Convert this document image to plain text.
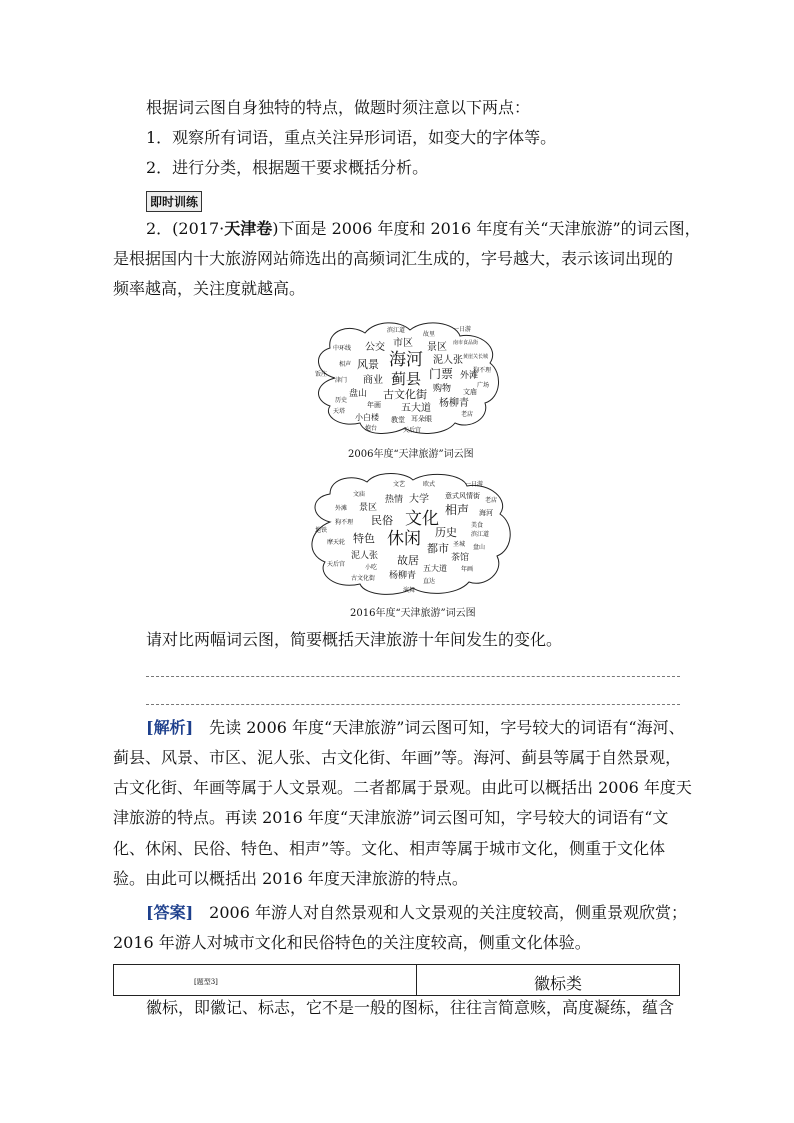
根据词云图自身独特的特点，做题时须注意以下两点：
1．观察所有词语，重点关注异形词语，如变大的字体等。
2．进行分类，根据题干要求概括分析。
即时训练
2．(2017·天津卷)下面是 2006 年度和 2016 年度有关“天津旅游”的词云图，
是根据国内十大旅游网站筛选出的高频词汇生成的，字号越大，表示该词出现的
频率越高，关注度就越高。
滨江道
故里
一日游
中环线 公交 市区 景区 南市食品街
黄崖关长城
饭庄
相声 风景 海河 泥人张
狗不理
津门 商业 蓟县 门票 外滩
广场
盘山 古文化街 购物 文庙
历史
年画 五大道 杨柳青
天塔
小白楼 教堂 耳朵眼
老店
炮台	天后宫
2006年度“天津旅游”词云图
文艺	欧式	一日游
文庙
热情 大学 意式风情街
外滩 景区
老店
狗不理 民俗 文化 相声 海河
地铁
美食
特色 休闲 历史 滨江道
摩天轮
故居
都市 圣城 盘山
泥人张	茶馆
天后宫	小吃	五大道 年画
古文化街 杨柳青
直达
演舞
2016年度“天津旅游”词云图
请对比两幅词云图，简要概括天津旅游十年间发生的变化。
[解析]  先读 2006 年度“天津旅游”词云图可知，字号较大的词语有“海河、
蓟县、风景、市区、泥人张、古文化街、年画”等。海河、蓟县等属于自然景观，
古文化街、年画等属于人文景观。二者都属于景观。由此可以概括出 2006 年度天
津旅游的特点。再读 2016 年度“天津旅游”词云图可知，字号较大的词语有“文
化、休闲、民俗、特色、相声”等。文化、相声等属于城市文化，侧重于文化体
验。由此可以概括出 2016 年度天津旅游的特点。
[答案]  2006 年游人对自然景观和人文景观的关注度较高，侧重景观欣赏；
2016 年游人对城市文化和民俗特色的关注度较高，侧重文化体验。
[题型3]	徽标类
徽标，即徽记、标志，它不是一般的图标，往往言简意赅，高度凝练，蕴含
